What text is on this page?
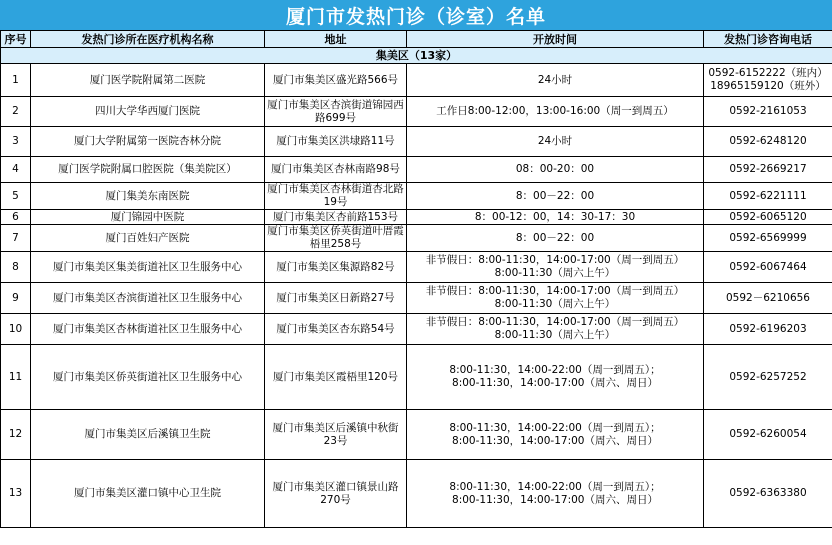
厦门市发热门诊（诊室）名单
序号	发热门诊所在医疗机构名称	地址	开放时间	发热门诊咨询电话
集美区（13家）				

1	厦门医学院附属第二医院	厦门市集美区盛光路566号	24小时	0592-6152222（班内）
18965159120（班外）

2	四川大学华西厦门医院	厦门市集美区杏滨街道锦园西路699号	工作日8:00-12:00，13:00-16:00（周一到周五）	0592-2161053

3	厦门大学附属第一医院杏林分院	厦门市集美区洪埭路11号	24小时	0592-6248120

4	厦门医学院附属口腔医院（集美院区）	厦门市集美区杏林南路98号	08：00-20：00	0592-2669217

5	厦门集美东南医院	厦门市集美区杏林街道杏北路19号	8：00－22：00	0592-6221111

6	厦门锦园中医院	厦门市集美区杏前路153号	8：00-12：00，14：30-17：30	0592-6065120

7	厦门百姓妇产医院	厦门市集美区侨英街道叶厝霞梧里258号	8：00－22：00	0592-6569999

8	厦门市集美区集美街道社区卫生服务中心	厦门市集美区集源路82号	非节假日：8:00-11:30，14:00-17:00（周一到周五）
8:00-11:30（周六上午）	0592-6067464

9	厦门市集美区杏滨街道社区卫生服务中心	厦门市集美区日新路27号	非节假日：8:00-11:30，14:00-17:00（周一到周五）
8:00-11:30（周六上午）	0592－6210656

10	厦门市集美区杏林街道社区卫生服务中心	厦门市集美区杏东路54号	非节假日：8:00-11:30，14:00-17:00（周一到周五）
8:00-11:30（周六上午）	0592-6196203

11	厦门市集美区侨英街道社区卫生服务中心	厦门市集美区霞梧里120号	8:00-11:30，14:00-22:00（周一到周五）；
8:00-11:30，14:00-17:00（周六、周日）	0592-6257252

12	厦门市集美区后溪镇卫生院	厦门市集美区后溪镇中秋街23号	8:00-11:30，14:00-22:00（周一到周五）；
8:00-11:30，14:00-17:00（周六、周日）	0592-6260054

13	厦门市集美区灌口镇中心卫生院	厦门市集美区灌口镇景山路270号	8:00-11:30，14:00-22:00（周一到周五）；
8:00-11:30，14:00-17:00（周六、周日）	0592-6363380
